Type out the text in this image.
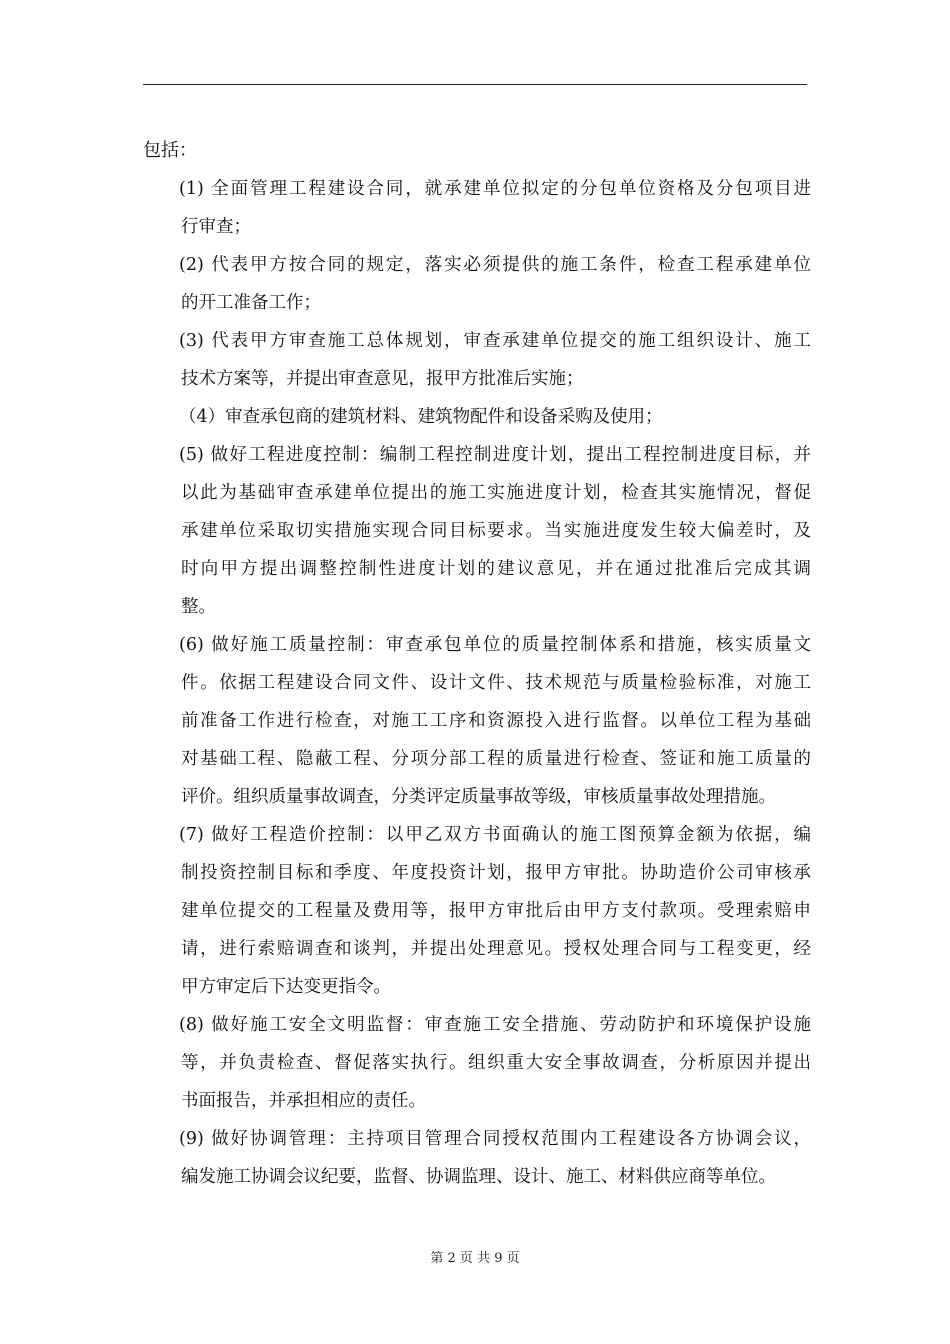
包括：

(1) 全面管理工程建设合同，就承建单位拟定的分包单位资格及分包项目进
行审查；
(2) 代表甲方按合同的规定，落实必须提供的施工条件，检查工程承建单位
的开工准备工作；
(3) 代表甲方审查施工总体规划，审查承建单位提交的施工组织设计、施工
技术方案等，并提出审查意见，报甲方批准后实施；
（4）审查承包商的建筑材料、建筑物配件和设备采购及使用；
(5) 做好工程进度控制：编制工程控制进度计划，提出工程控制进度目标，并
以此为基础审查承建单位提出的施工实施进度计划，检查其实施情况，督促
承建单位采取切实措施实现合同目标要求。当实施进度发生较大偏差时，及
时向甲方提出调整控制性进度计划的建议意见，并在通过批准后完成其调
整。
(6) 做好施工质量控制：审查承包单位的质量控制体系和措施，核实质量文
件。依据工程建设合同文件、设计文件、技术规范与质量检验标准，对施工
前准备工作进行检查，对施工工序和资源投入进行监督。以单位工程为基础
对基础工程、隐蔽工程、分项分部工程的质量进行检查、签证和施工质量的
评价。组织质量事故调查，分类评定质量事故等级，审核质量事故处理措施。
(7) 做好工程造价控制：以甲乙双方书面确认的施工图预算金额为依据，编
制投资控制目标和季度、年度投资计划，报甲方审批。协助造价公司审核承
建单位提交的工程量及费用等，报甲方审批后由甲方支付款项。受理索赔申
请，进行索赔调查和谈判，并提出处理意见。授权处理合同与工程变更，经
甲方审定后下达变更指令。
(8) 做好施工安全文明监督：审查施工安全措施、劳动防护和环境保护设施
等，并负责检查、督促落实执行。组织重大安全事故调查，分析原因并提出
书面报告，并承担相应的责任。
(9) 做好协调管理：主持项目管理合同授权范围内工程建设各方协调会议，
编发施工协调会议纪要，监督、协调监理、设计、施工、材料供应商等单位。
第 2 页 共 9 页
